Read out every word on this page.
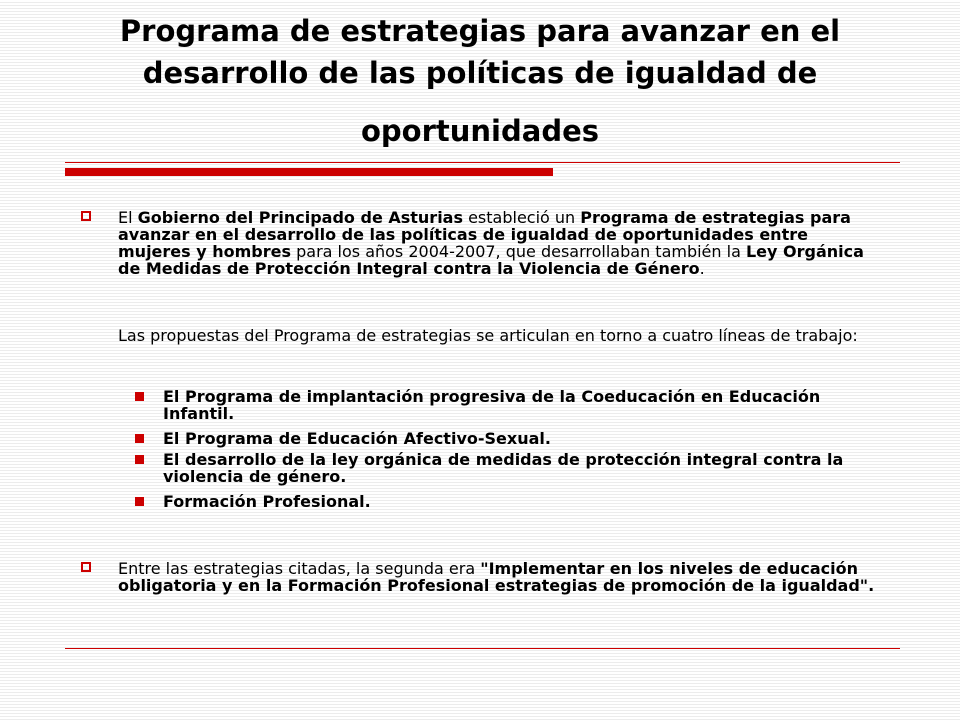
Programa de estrategias para avanzar en el
desarrollo de las políticas de igualdad de
oportunidades
El Gobierno del Principado de Asturias estableció un Programa de estrategias para avanzar en el desarrollo de las políticas de igualdad de oportunidades entre mujeres y hombres para los años 2004-2007, que desarrollaban también la Ley Orgánica de Medidas de Protección Integral contra la Violencia de Género.
Las propuestas del Programa de estrategias se articulan en torno a cuatro líneas de trabajo:
El Programa de implantación progresiva de la Coeducación en Educación Infantil.
El Programa de Educación Afectivo-Sexual.
El desarrollo de la ley orgánica de medidas de protección integral contra la violencia de género.
Formación Profesional.
Entre las estrategias citadas, la segunda era "Implementar en los niveles de educación obligatoria y en la Formación Profesional estrategias de promoción de la igualdad".
